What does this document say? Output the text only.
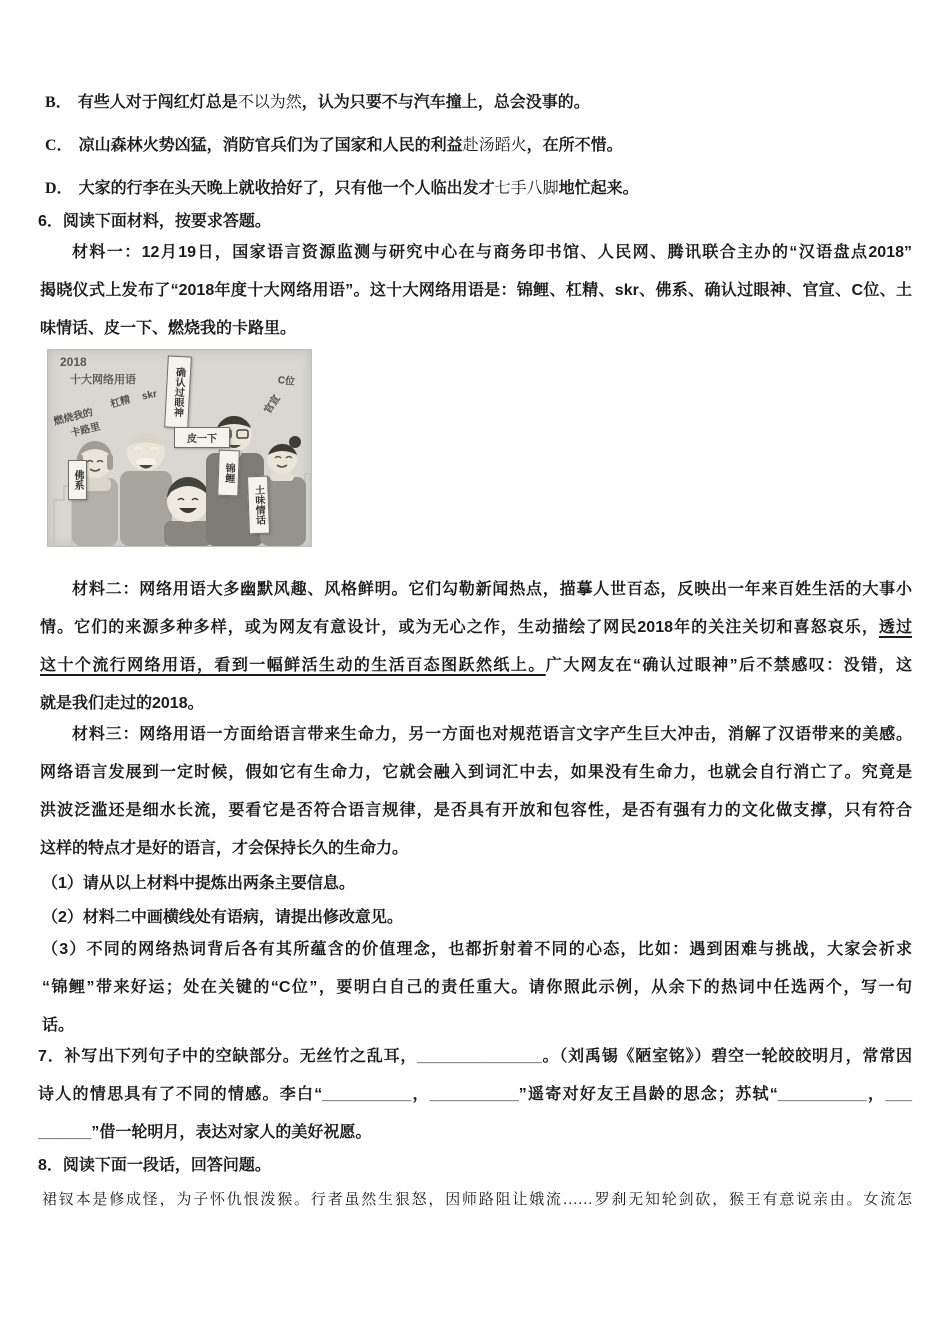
B． 有些人对于闯红灯总是不以为然，认为只要不与汽车撞上，总会没事的。
C． 凉山森林火势凶猛，消防官兵们为了国家和人民的利益赴汤蹈火，在所不惜。
D． 大家的行李在头天晚上就收拾好了，只有他一个人临出发才七手八脚地忙起来。
6．阅读下面材料，按要求答题。
材料一：12月19日，国家语言资源监测与研究中心在与商务印书馆、人民网、腾讯联合主办的“汉语盘点2018”
揭晓仪式上发布了“2018年度十大网络用语”。这十大网络用语是：锦鲤、杠精、skr、佛系、确认过眼神、官宣、C位、土
味情话、皮一下、燃烧我的卡路里。
2018
十大网络用语
燃烧我的
卡路里
杠精 skr
C位
官宣
确认过眼神
皮一下
佛系	锦鲤
土味情话
材料二：网络用语大多幽默风趣、风格鲜明。它们勾勒新闻热点，描摹人世百态，反映出一年来百姓生活的大事小
情。它们的来源多种多样，或为网友有意设计，或为无心之作，生动描绘了网民2018年的关注关切和喜怒哀乐，透过
这十个流行网络用语，看到一幅鲜活生动的生活百态图跃然纸上。广大网友在“确认过眼神”后不禁感叹：没错，这
就是我们走过的2018。
材料三：网络用语一方面给语言带来生命力，另一方面也对规范语言文字产生巨大冲击，消解了汉语带来的美感。
网络语言发展到一定时候，假如它有生命力，它就会融入到词汇中去，如果没有生命力，也就会自行消亡了。究竟是
洪波泛滥还是细水长流，要看它是否符合语言规律，是否具有开放和包容性，是否有强有力的文化做支撑，只有符合
这样的特点才是好的语言，才会保持长久的生命力。
（1）请从以上材料中提炼出两条主要信息。
（2）材料二中画横线处有语病，请提出修改意见。
（3）不同的网络热词背后各有其所蕴含的价值理念，也都折射着不同的心态，比如：遇到困难与挑战，大家会祈求
“锦鲤”带来好运；处在关键的“C位”，要明白自己的责任重大。请你照此示例，从余下的热词中任选两个，写一句
话。
7．补写出下列句子中的空缺部分。无丝竹之乱耳，______________。（刘禹锡《陋室铭》）碧空一轮皎皎明月，常常因
诗人的情思具有了不同的情感。李白“__________，__________”遥寄对好友王昌龄的思念；苏轼“__________，___
______”借一轮明月，表达对家人的美好祝愿。
8．阅读下面一段话，回答问题。
裙钗本是修成怪，为子怀仇恨泼猴。行者虽然生狠怒，因师路阻让娥流……罗刹无知轮剑砍，猴王有意说亲由。女流怎
